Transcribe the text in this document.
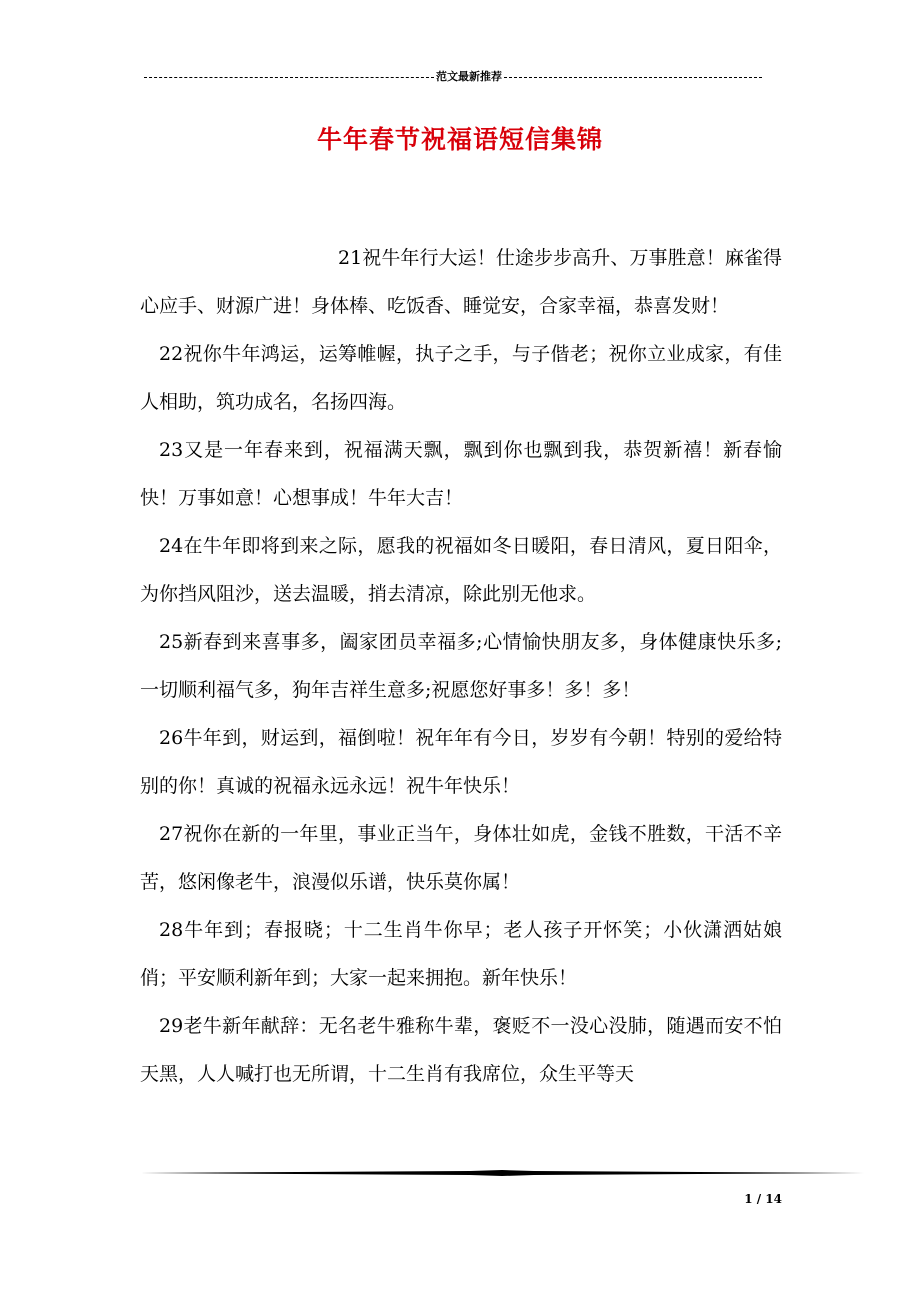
范文最新推荐
牛年春节祝福语短信集锦

21祝牛年行大运！仕途步步高升、万事胜意！麻雀得心应手、财源广进！身体棒、吃饭香、睡觉安，合家幸福，恭喜发财！

22祝你牛年鸿运，运筹帷幄，执子之手，与子偕老；祝你立业成家，有佳人相助，筑功成名，名扬四海。

23又是一年春来到，祝福满天飘，飘到你也飘到我，恭贺新禧！新春愉快！万事如意！心想事成！牛年大吉！

24在牛年即将到来之际，愿我的祝福如冬日暖阳，春日清风，夏日阳伞，为你挡风阻沙，送去温暖，捎去清凉，除此别无他求。

25新春到来喜事多，阖家团员幸福多;心情愉快朋友多，身体健康快乐多;一切顺利福气多，狗年吉祥生意多;祝愿您好事多！多！多！

26牛年到，财运到，福倒啦！祝年年有今日，岁岁有今朝！特别的爱给特别的你！真诚的祝福永远永远！祝牛年快乐！

27祝你在新的一年里，事业正当午，身体壮如虎，金钱不胜数，干活不辛苦，悠闲像老牛，浪漫似乐谱，快乐莫你属！

28牛年到；春报晓；十二生肖牛你早；老人孩子开怀笑；小伙潇洒姑娘俏；平安顺利新年到；大家一起来拥抱。新年快乐！

29老牛新年献辞：无名老牛雅称牛辈，褒贬不一没心没肺，随遇而安不怕天黑，人人喊打也无所谓，十二生肖有我席位，众生平等天

1 / 14
